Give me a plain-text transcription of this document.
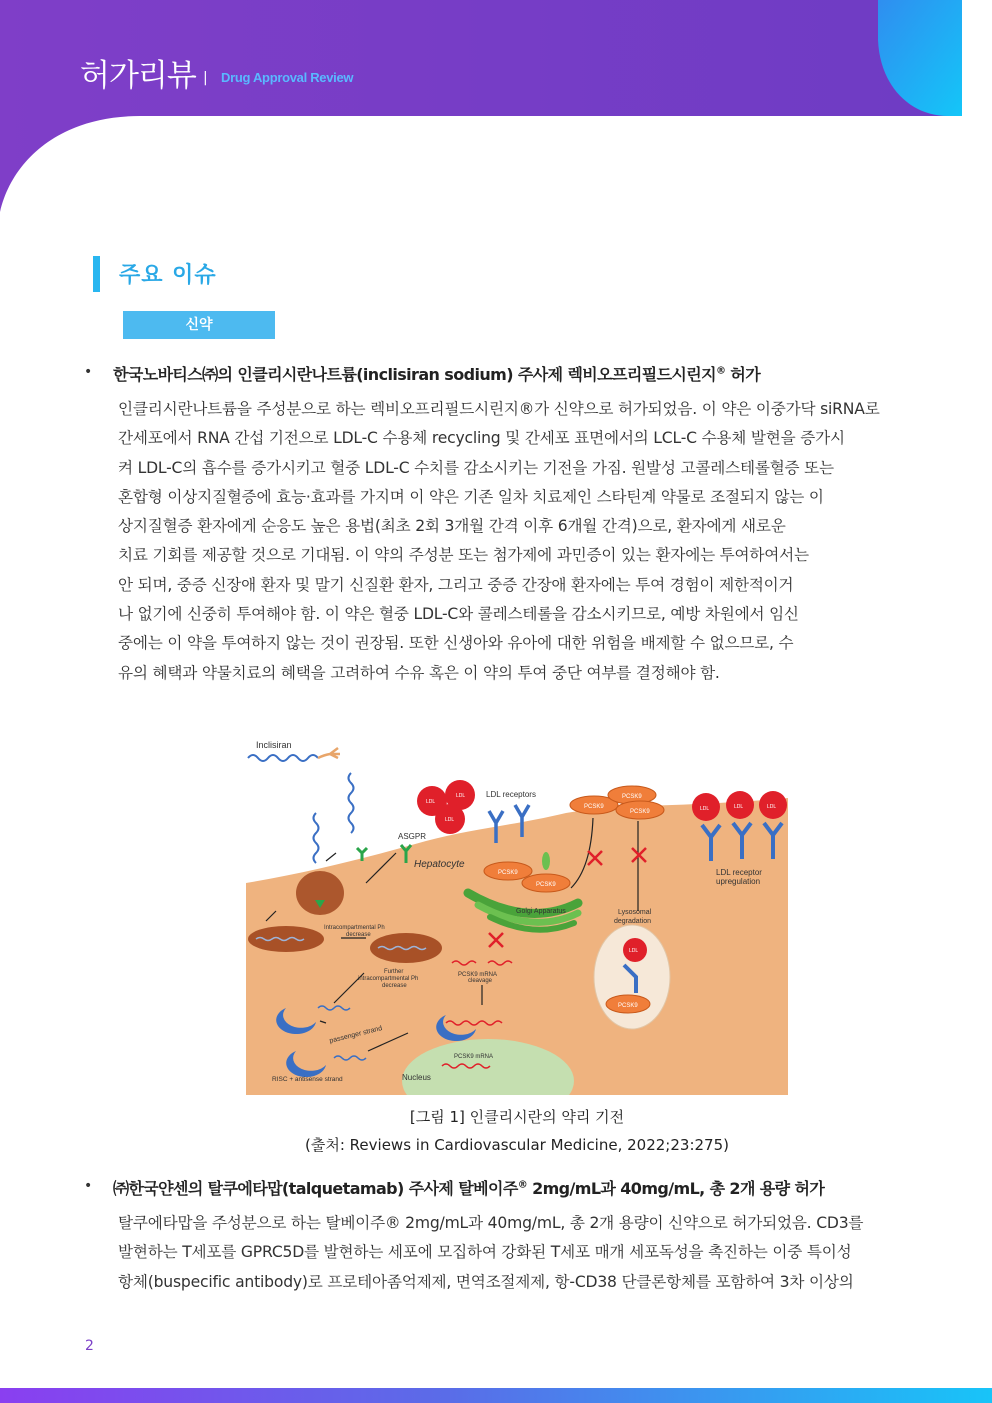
허가리뷰 | Drug Approval Review
주요 이슈
신약
• 한국노바티스㈜의 인클리시란나트륨(inclisiran sodium) 주사제 렉비오프리필드시린지® 허가
인클리시란나트륨을 주성분으로 하는 렉비오프리필드시린지®가 신약으로 허가되었음. 이 약은 이중가닥 siRNA로
간세포에서 RNA 간섭 기전으로 LDL-C 수용체 recycling 및 간세포 표면에서의 LCL-C 수용체 발현을 증가시
켜 LDL-C의 흡수를 증가시키고 혈중 LDL-C 수치를 감소시키는 기전을 가짐. 원발성 고콜레스테롤혈증 또는
혼합형 이상지질혈증에 효능·효과를 가지며 이 약은 기존 일차 치료제인 스타틴계 약물로 조절되지 않는 이
상지질혈증 환자에게 순응도 높은 용법(최초 2회 3개월 간격 이후 6개월 간격)으로, 환자에게 새로운
치료 기회를 제공할 것으로 기대됨. 이 약의 주성분 또는 첨가제에 과민증이 있는 환자에는 투여하여서는
안 되며, 중증 신장애 환자 및 말기 신질환 환자, 그리고 중증 간장애 환자에는 투여 경험이 제한적이거
나 없기에 신중히 투여해야 함. 이 약은 혈중 LDL-C와 콜레스테롤을 감소시키므로, 예방 차원에서 임신
중에는 이 약을 투여하지 않는 것이 권장됨. 또한 신생아와 유아에 대한 위험을 배제할 수 없으므로, 수
유의 혜택과 약물치료의 혜택을 고려하여 수유 혹은 이 약의 투여 중단 여부를 결정해야 함.
Inclisiran
ASGPR
Hepatocyte
Intracompartmental Ph
decrease
Further
intracompartmental Ph
decrease
passenger strand
RISC + antisense strand
PCSK9 mRNA
cleavage
Nucleus
PCSK9 mRNA
Golgi Apparatus
PCSK9
PCSK9
LDL
LDL
LDL
LDL receptors
PCSK9
PCSK9
PCSK9
LDL
PCSK9
Lysosomal
degradation
LDL	LDL	LDL
LDL receptor
upregulation
[그림 1] 인클리시란의 약리 기전
(출처: Reviews in Cardiovascular Medicine, 2022;23:275)
• ㈜한국얀센의 탈쿠에타맙(talquetamab) 주사제 탈베이주® 2mg/mL과 40mg/mL, 총 2개 용량 허가
탈쿠에타맙을 주성분으로 하는 탈베이주® 2mg/mL과 40mg/mL, 총 2개 용량이 신약으로 허가되었음. CD3를
발현하는 T세포를 GPRC5D를 발현하는 세포에 모집하여 강화된 T세포 매개 세포독성을 촉진하는 이중 특이성
항체(buspecific antibody)로 프로테아좀억제제, 면역조절제제, 항-CD38 단클론항체를 포함하여 3차 이상의
2
